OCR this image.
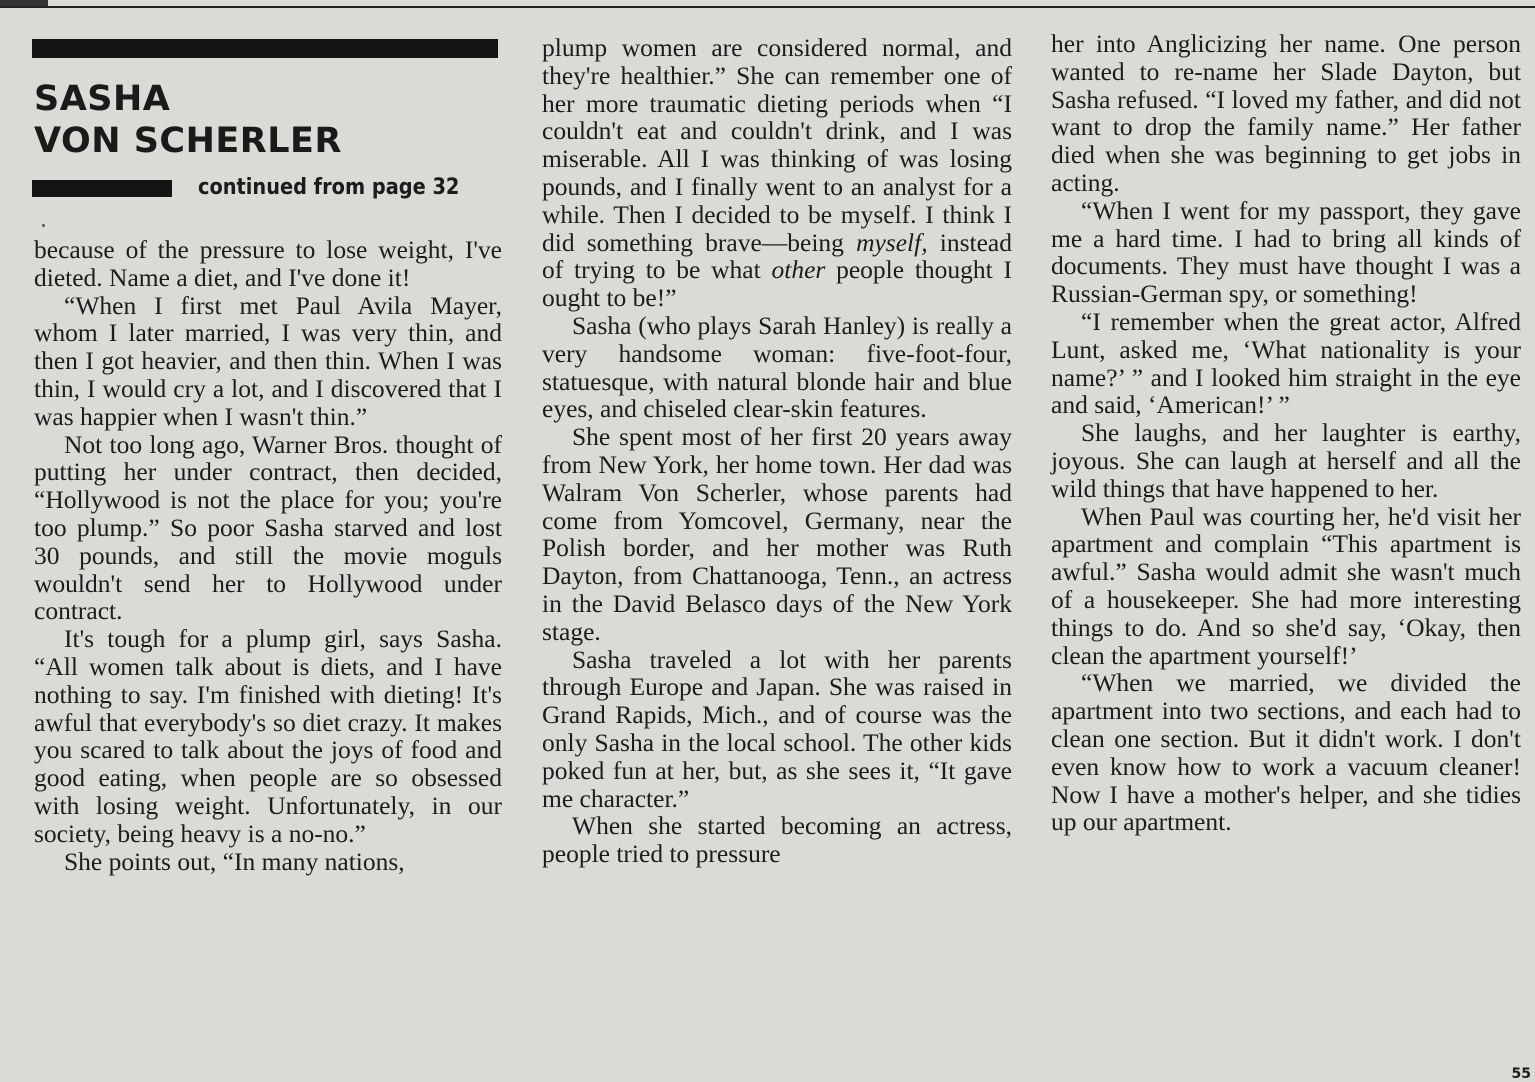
SASHA
VON SCHERLER
continued from page 32

because of the pressure to lose weight, I've dieted. Name a diet, and I've done it!

“When I first met Paul Avila Mayer, whom I later married, I was very thin, and then I got heavier, and then thin. When I was thin, I would cry a lot, and I discovered that I was happier when I wasn't thin.”

Not too long ago, Warner Bros. thought of putting her under contract, then decided, “Hollywood is not the place for you; you're too plump.” So poor Sasha starved and lost 30 pounds, and still the movie moguls wouldn't send her to Hollywood under contract.

It's tough for a plump girl, says Sasha. “All women talk about is diets, and I have nothing to say. I'm finished with dieting! It's awful that everybody's so diet crazy. It makes you scared to talk about the joys of food and good eating, when people are so obsessed with losing weight. Unfortunately, in our society, being heavy is a no-no.”

She points out, “In many nations,

plump women are considered normal, and they're healthier.” She can remember one of her more traumatic dieting periods when “I couldn't eat and couldn't drink, and I was miserable. All I was thinking of was losing pounds, and I finally went to an analyst for a while. Then I decided to be myself. I think I did something brave—being myself, instead of trying to be what other people thought I ought to be!”

Sasha (who plays Sarah Hanley) is really a very handsome woman: five-foot-four, statuesque, with natural blonde hair and blue eyes, and chiseled clear-skin features.

She spent most of her first 20 years away from New York, her home town. Her dad was Walram Von Scherler, whose parents had come from Yomcovel, Germany, near the Polish border, and her mother was Ruth Dayton, from Chattanooga, Tenn., an actress in the David Belasco days of the New York stage.

Sasha traveled a lot with her parents through Europe and Japan. She was raised in Grand Rapids, Mich., and of course was the only Sasha in the local school. The other kids poked fun at her, but, as she sees it, “It gave me character.”

When she started becoming an actress, people tried to pressure

her into Anglicizing her name. One person wanted to re-name her Slade Dayton, but Sasha refused. “I loved my father, and did not want to drop the family name.” Her father died when she was beginning to get jobs in acting.

“When I went for my passport, they gave me a hard time. I had to bring all kinds of documents. They must have thought I was a Russian-German spy, or something!

“I remember when the great actor, Alfred Lunt, asked me, ‘What nationality is your name?’ ” and I looked him straight in the eye and said, ‘American!’ ”

She laughs, and her laughter is earthy, joyous. She can laugh at herself and all the wild things that have happened to her.

When Paul was courting her, he'd visit her apartment and complain “This apartment is awful.” Sasha would admit she wasn't much of a housekeeper. She had more interesting things to do. And so she'd say, ‘Okay, then clean the apartment yourself!’

“When we married, we divided the apartment into two sections, and each had to clean one section. But it didn't work. I don't even know how to work a vacuum cleaner! Now I have a mother's helper, and she tidies up our apartment.

55
